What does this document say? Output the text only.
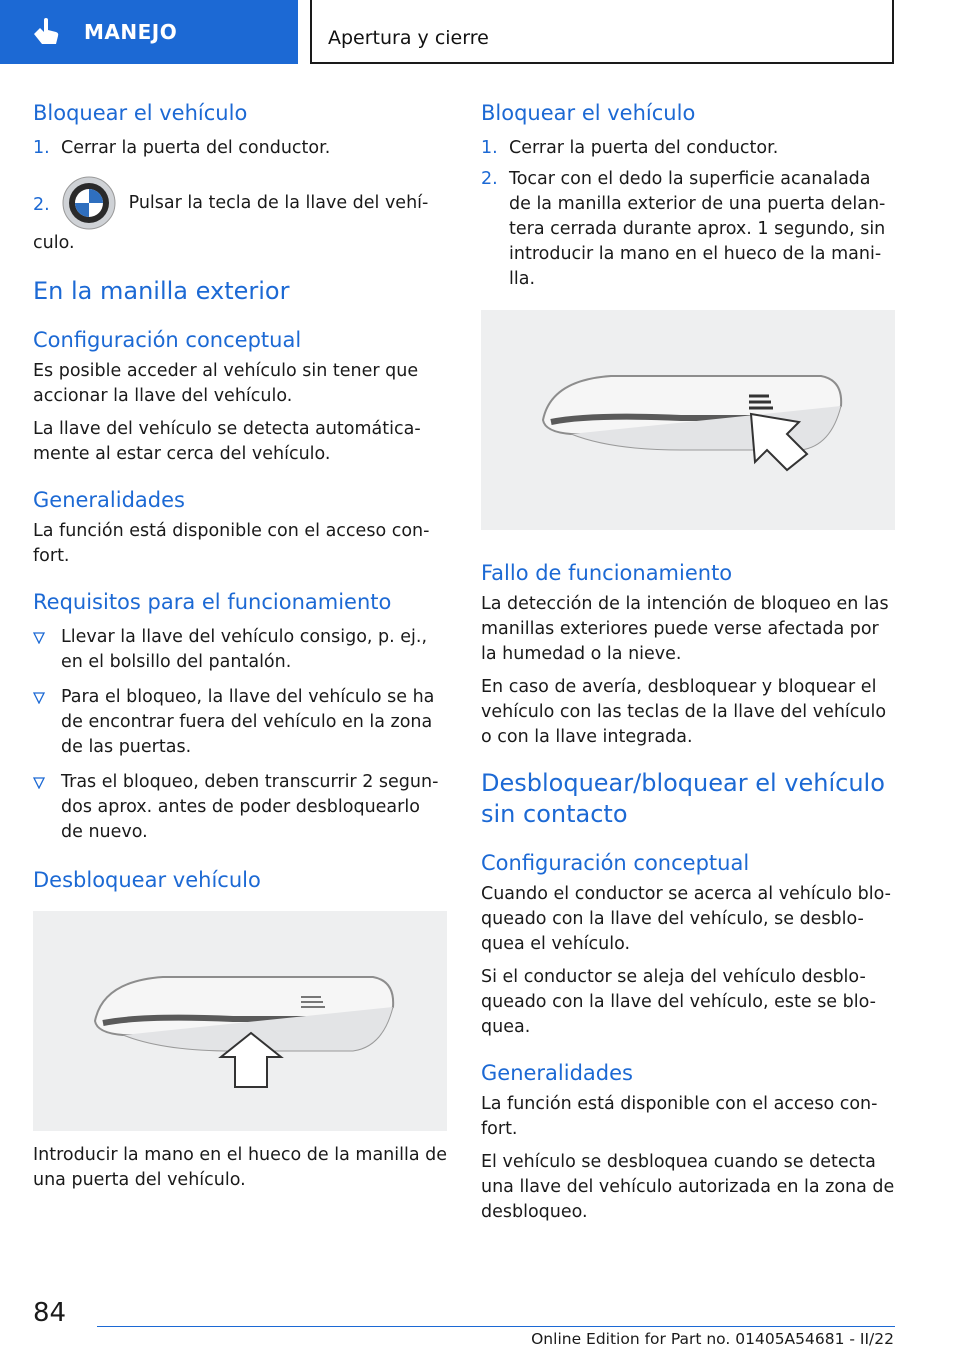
MANEJO	Apertura y cierre
Bloquear el vehículo
1. Cerrar la puerta del conductor.
2.	Pulsar la tecla de la llave del vehí-
culo.
En la manilla exterior
Configuración conceptual

Es posible acceder al vehículo sin tener que accionar la llave del vehículo.

La llave del vehículo se detecta automática-mente al estar cerca del vehículo.

Generalidades

La función está disponible con el acceso con-fort.

Requisitos para el funcionamiento
Llevar la llave del vehículo consigo, p. ej., en el bolsillo del pantalón.
Para el bloqueo, la llave del vehículo se ha de encontrar fuera del vehículo en la zona de las puertas.
Tras el bloqueo, deben transcurrir 2 segun-dos aprox. antes de poder desbloquearlo de nuevo.
Desbloquear vehículo

Introducir la mano en el hueco de la manilla de una puerta del vehículo.

Bloquear el vehículo
1. Cerrar la puerta del conductor.
2. Tocar con el dedo la superficie acanalada de la manilla exterior de una puerta delan-tera cerrada durante aprox. 1 segundo, sin introducir la mano en el hueco de la mani-lla.
Fallo de funcionamiento

La detección de la intención de bloqueo en las manillas exteriores puede verse afectada por la humedad o la nieve.

En caso de avería, desbloquear y bloquear el vehículo con las teclas de la llave del vehículo o con la llave integrada.

Desbloquear/bloquear el vehículo sin contacto
Configuración conceptual

Cuando el conductor se acerca al vehículo blo-queado con la llave del vehículo, se desblo-quea el vehículo.

Si el conductor se aleja del vehículo desblo-queado con la llave del vehículo, este se blo-quea.

Generalidades

La función está disponible con el acceso con-fort.

El vehículo se desbloquea cuando se detecta una llave del vehículo autorizada en la zona de desbloqueo.

84
Online Edition for Part no. 01405A54681 - II/22
